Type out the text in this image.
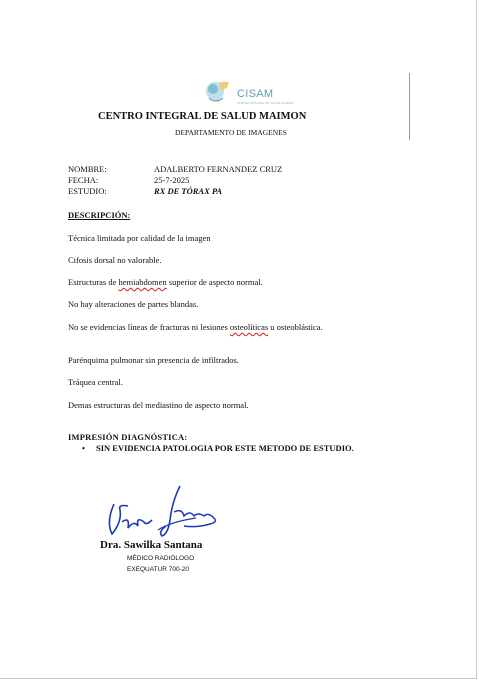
CISAM
CENTRO INTEGRAL DE SALUD MAIMON
CENTRO INTEGRAL DE SALUD MAIMON
DEPARTAMENTO DE IMAGENES
NOMBRE:	ADALBERTO FERNANDEZ CRUZ
FECHA:	25-7-2025
ESTUDIO:	RX DE TÓRAX PA
DESCRIPCIÓN:
Técnica limitada por calidad de la imagen
Cifosis dorsal no valorable.
Estructuras de hemiabdomen superior de aspecto normal.
No hay alteraciones de partes blandas.
No se evidencias líneas de fracturas ni lesiones osteolíticas u osteoblástica.
Parénquima pulmonar sin presencia de infiltrados.
Tráquea central.
Demas estructuras del mediastino de aspecto normal.
IMPRESIÓN DIAGNÓSTICA:
• SIN EVIDENCIA PATOLOGIA POR ESTE METODO DE ESTUDIO.
Dra. Sawilka Santana
MÉDICO RADIÓLOGO
EXEQUATUR 700-20
